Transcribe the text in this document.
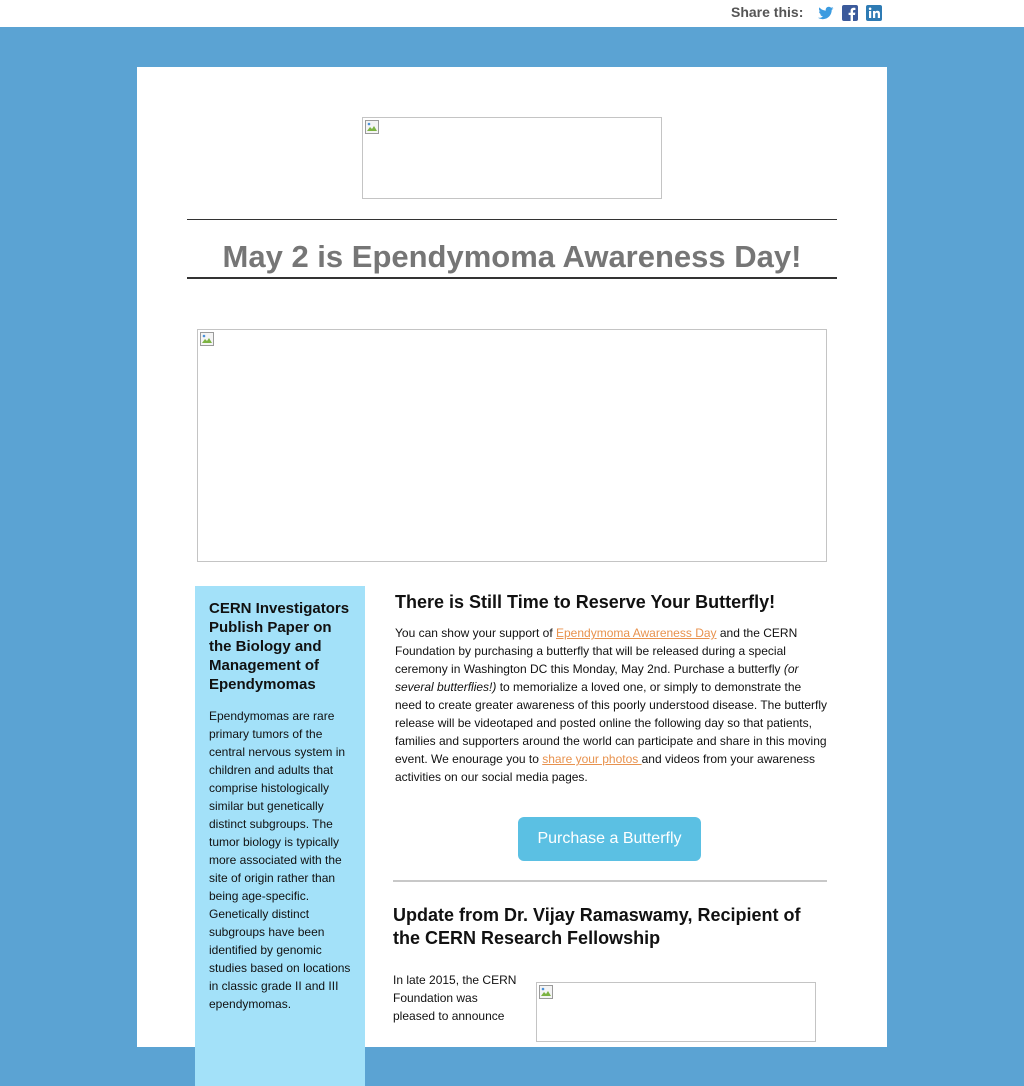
Share this:
May 2 is Ependymoma Awareness Day!
CERN Investigators Publish Paper on the Biology and Management of Ependymomas

Ependymomas are rare primary tumors of the central nervous system in children and adults that comprise histologically similar but genetically distinct subgroups. The tumor biology is typically more associated with the site of origin rather than being age-specific. Genetically distinct subgroups have been identified by genomic studies based on locations in classic grade II and III ependymomas.

There is Still Time to Reserve Your Butterfly!

You can show your support of Ependymoma Awareness Day and the CERN Foundation by purchasing a butterfly that will be released during a special ceremony in Washington DC this Monday, May 2nd. Purchase a butterfly (or several butterflies!) to memorialize a loved one, or simply to demonstrate the need to create greater awareness of this poorly understood disease. The butterfly release will be videotaped and posted online the following day so that patients, families and supporters around the world can participate and share in this moving event. We enourage you to share your photos and videos from your awareness activities on our social media pages.

Purchase a Butterfly
Update from Dr. Vijay Ramaswamy, Recipient of the CERN Research Fellowship

In late 2015, the CERN Foundation was pleased to announce
